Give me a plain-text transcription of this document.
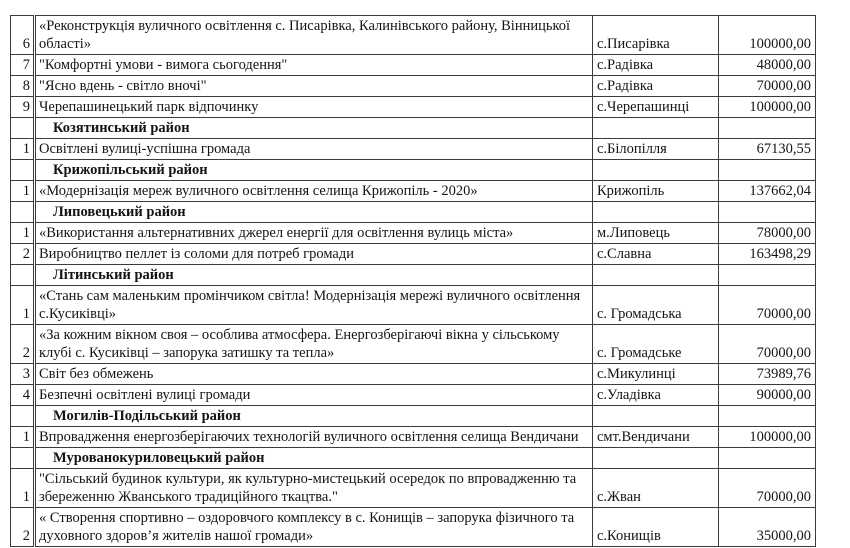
6	«Реконструкція вуличного освітлення с. Писарівка, Калинівського району, Вінницької області»	с.Писарівка	100000,00
7	"Комфортні умови - вимога сьогодення"	с.Радівка	48000,00
8	"Ясно вдень - світло вночі"	с.Радівка	70000,00
9	Черепашинецький парк відпочинку	с.Черепашинці	100000,00
	Козятинський район		
1	Освітлені вулиці-успішна громада	с.Білопілля	67130,55
	Крижопільський район		
1	«Модернізація мереж вуличного освітлення селища Крижопіль - 2020»	Крижопіль	137662,04
	Липовецький район		
1	«Використання альтернативних джерел енергії для освітлення вулиць міста»	м.Липовець	78000,00
2	Виробництво пеллет із соломи для потреб громади	с.Славна	163498,29
	Літинський район		
1	«Стань сам маленьким промінчиком світла! Модернізація мережі вуличного освітлення с.Кусиківці»	с. Громадська	70000,00
2	«За кожним вікном своя – особлива атмосфера. Енергозберігаючі вікна у сільському клубі с. Кусиківці – запорука затишку та тепла»	с. Громадське	70000,00
3	Світ без обмежень	с.Микулинці	73989,76
4	Безпечні освітлені вулиці громади	с.Уладівка	90000,00
	Могилів-Подільський район		
1	Впровадження енергозберігаючих технологій вуличного освітлення селища Вендичани	смт.Вендичани	100000,00
	Мурованокуриловецький район		
1	"Сільський будинок культури, як культурно-мистецький осередок по впровадженню та збереженню Жванського традиційного ткацтва."	с.Жван	70000,00
2	« Створення спортивно – оздоровчого комплексу в с. Конищів – запорука фізичного та духовного здоров’я жителів нашої громади»	с.Конищів	35000,00
